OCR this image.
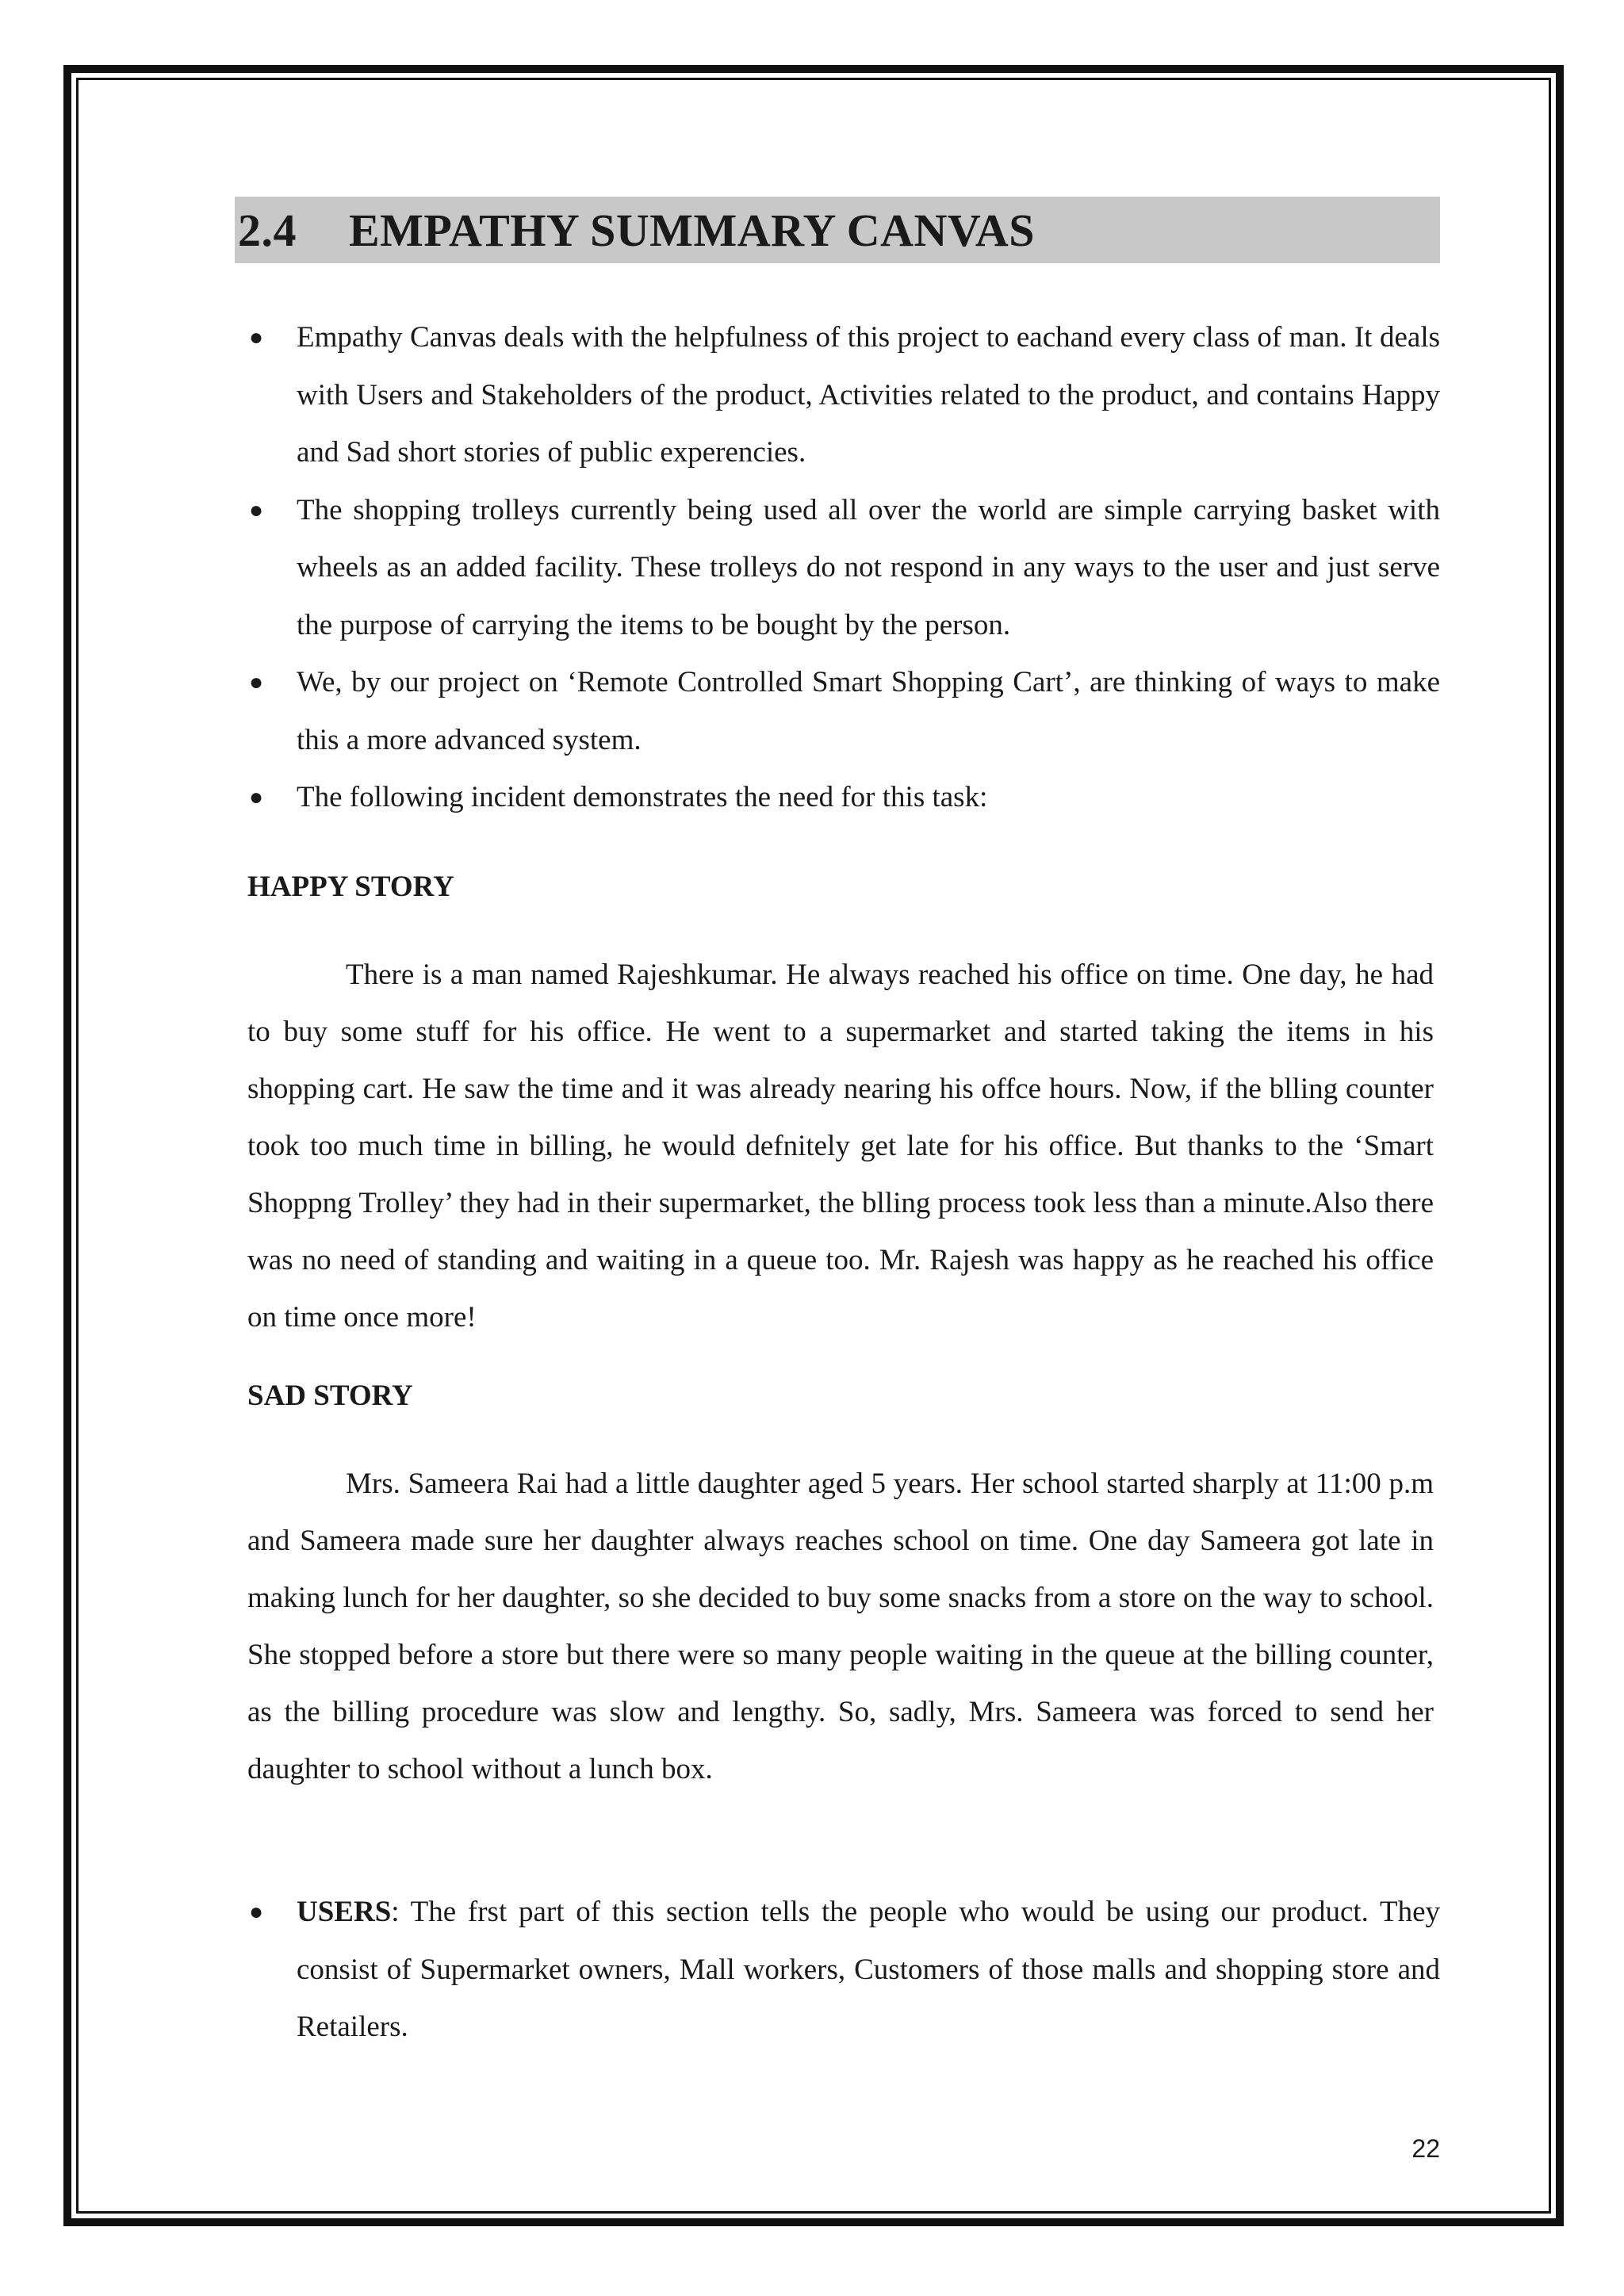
2.4	EMPATHY SUMMARY CANVAS
● Empathy Canvas deals with the helpfulness of this project to eachand every class of man. It deals with Users and Stakeholders of the product, Activities related to the product, and contains Happy and Sad short stories of public experencies.
● The shopping trolleys currently being used all over the world are simple carrying basket with wheels as an added facility. These trolleys do not respond in any ways to the user and just serve the purpose of carrying the items to be bought by the person.
● We, by our project on ‘Remote Controlled Smart Shopping Cart’, are thinking of ways to make this a more advanced system.
● The following incident demonstrates the need for this task:
HAPPY STORY

There is a man named Rajeshkumar. He always reached his office on time. One day, he had to buy some stuff for his office. He went to a supermarket and started taking the items in his shopping cart. He saw the time and it was already nearing his offce hours. Now, if the blling counter took too much time in billing, he would defnitely get late for his office. But thanks to the ‘Smart Shoppng Trolley’ they had in their supermarket, the blling process took less than a minute.Also there was no need of standing and waiting in a queue too. Mr. Rajesh was happy as he reached his office on time once more!

SAD STORY

Mrs. Sameera Rai had a little daughter aged 5 years. Her school started sharply at 11:00 p.m and Sameera made sure her daughter always reaches school on time. One day Sameera got late in making lunch for her daughter, so she decided to buy some snacks from a store on the way to school. She stopped before a store but there were so many people waiting in the queue at the billing counter, as the billing procedure was slow and lengthy. So, sadly, Mrs. Sameera was forced to send her daughter to school without a lunch box.

● USERS: The frst part of this section tells the people who would be using our product. They consist of Supermarket owners, Mall workers, Customers of those malls and shopping store and Retailers.
22
